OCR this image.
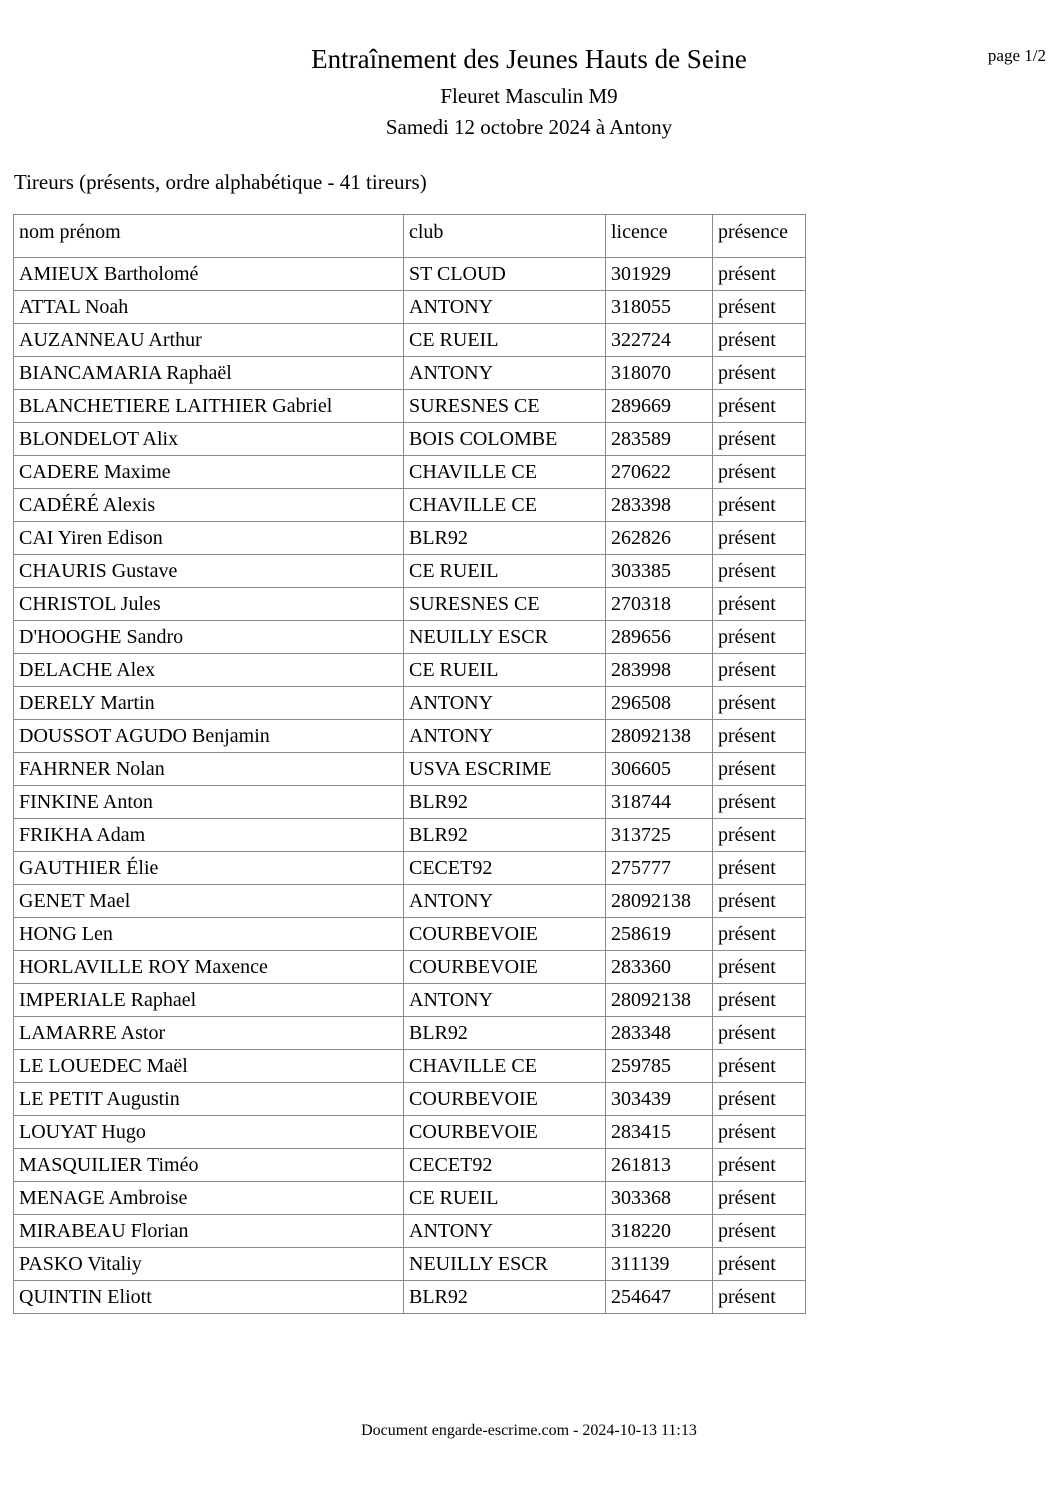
page 1/2
Entraînement des Jeunes Hauts de Seine
Fleuret Masculin M9
Samedi 12 octobre 2024 à Antony
Tireurs (présents, ordre alphabétique - 41 tireurs)
nom prénom	club	licence	présence
AMIEUX Bartholomé	ST CLOUD	301929	présent
ATTAL Noah	ANTONY	318055	présent
AUZANNEAU Arthur	CE RUEIL	322724	présent
BIANCAMARIA Raphaël	ANTONY	318070	présent
BLANCHETIERE LAITHIER Gabriel	SURESNES CE	289669	présent
BLONDELOT Alix	BOIS COLOMBE	283589	présent
CADERE Maxime	CHAVILLE CE	270622	présent
CADÉRÉ Alexis	CHAVILLE CE	283398	présent
CAI Yiren Edison	BLR92	262826	présent
CHAURIS Gustave	CE RUEIL	303385	présent
CHRISTOL Jules	SURESNES CE	270318	présent
D'HOOGHE Sandro	NEUILLY ESCR	289656	présent
DELACHE Alex	CE RUEIL	283998	présent
DERELY Martin	ANTONY	296508	présent
DOUSSOT AGUDO Benjamin	ANTONY	28092138	présent
FAHRNER Nolan	USVA ESCRIME	306605	présent
FINKINE Anton	BLR92	318744	présent
FRIKHA Adam	BLR92	313725	présent
GAUTHIER Élie	CECET92	275777	présent
GENET Mael	ANTONY	28092138	présent
HONG Len	COURBEVOIE	258619	présent
HORLAVILLE ROY Maxence	COURBEVOIE	283360	présent
IMPERIALE Raphael	ANTONY	28092138	présent
LAMARRE Astor	BLR92	283348	présent
LE LOUEDEC Maël	CHAVILLE CE	259785	présent
LE PETIT Augustin	COURBEVOIE	303439	présent
LOUYAT Hugo	COURBEVOIE	283415	présent
MASQUILIER Timéo	CECET92	261813	présent
MENAGE Ambroise	CE RUEIL	303368	présent
MIRABEAU Florian	ANTONY	318220	présent
PASKO Vitaliy	NEUILLY ESCR	311139	présent
QUINTIN Eliott	BLR92	254647	présent
Document engarde-escrime.com - 2024-10-13 11:13
